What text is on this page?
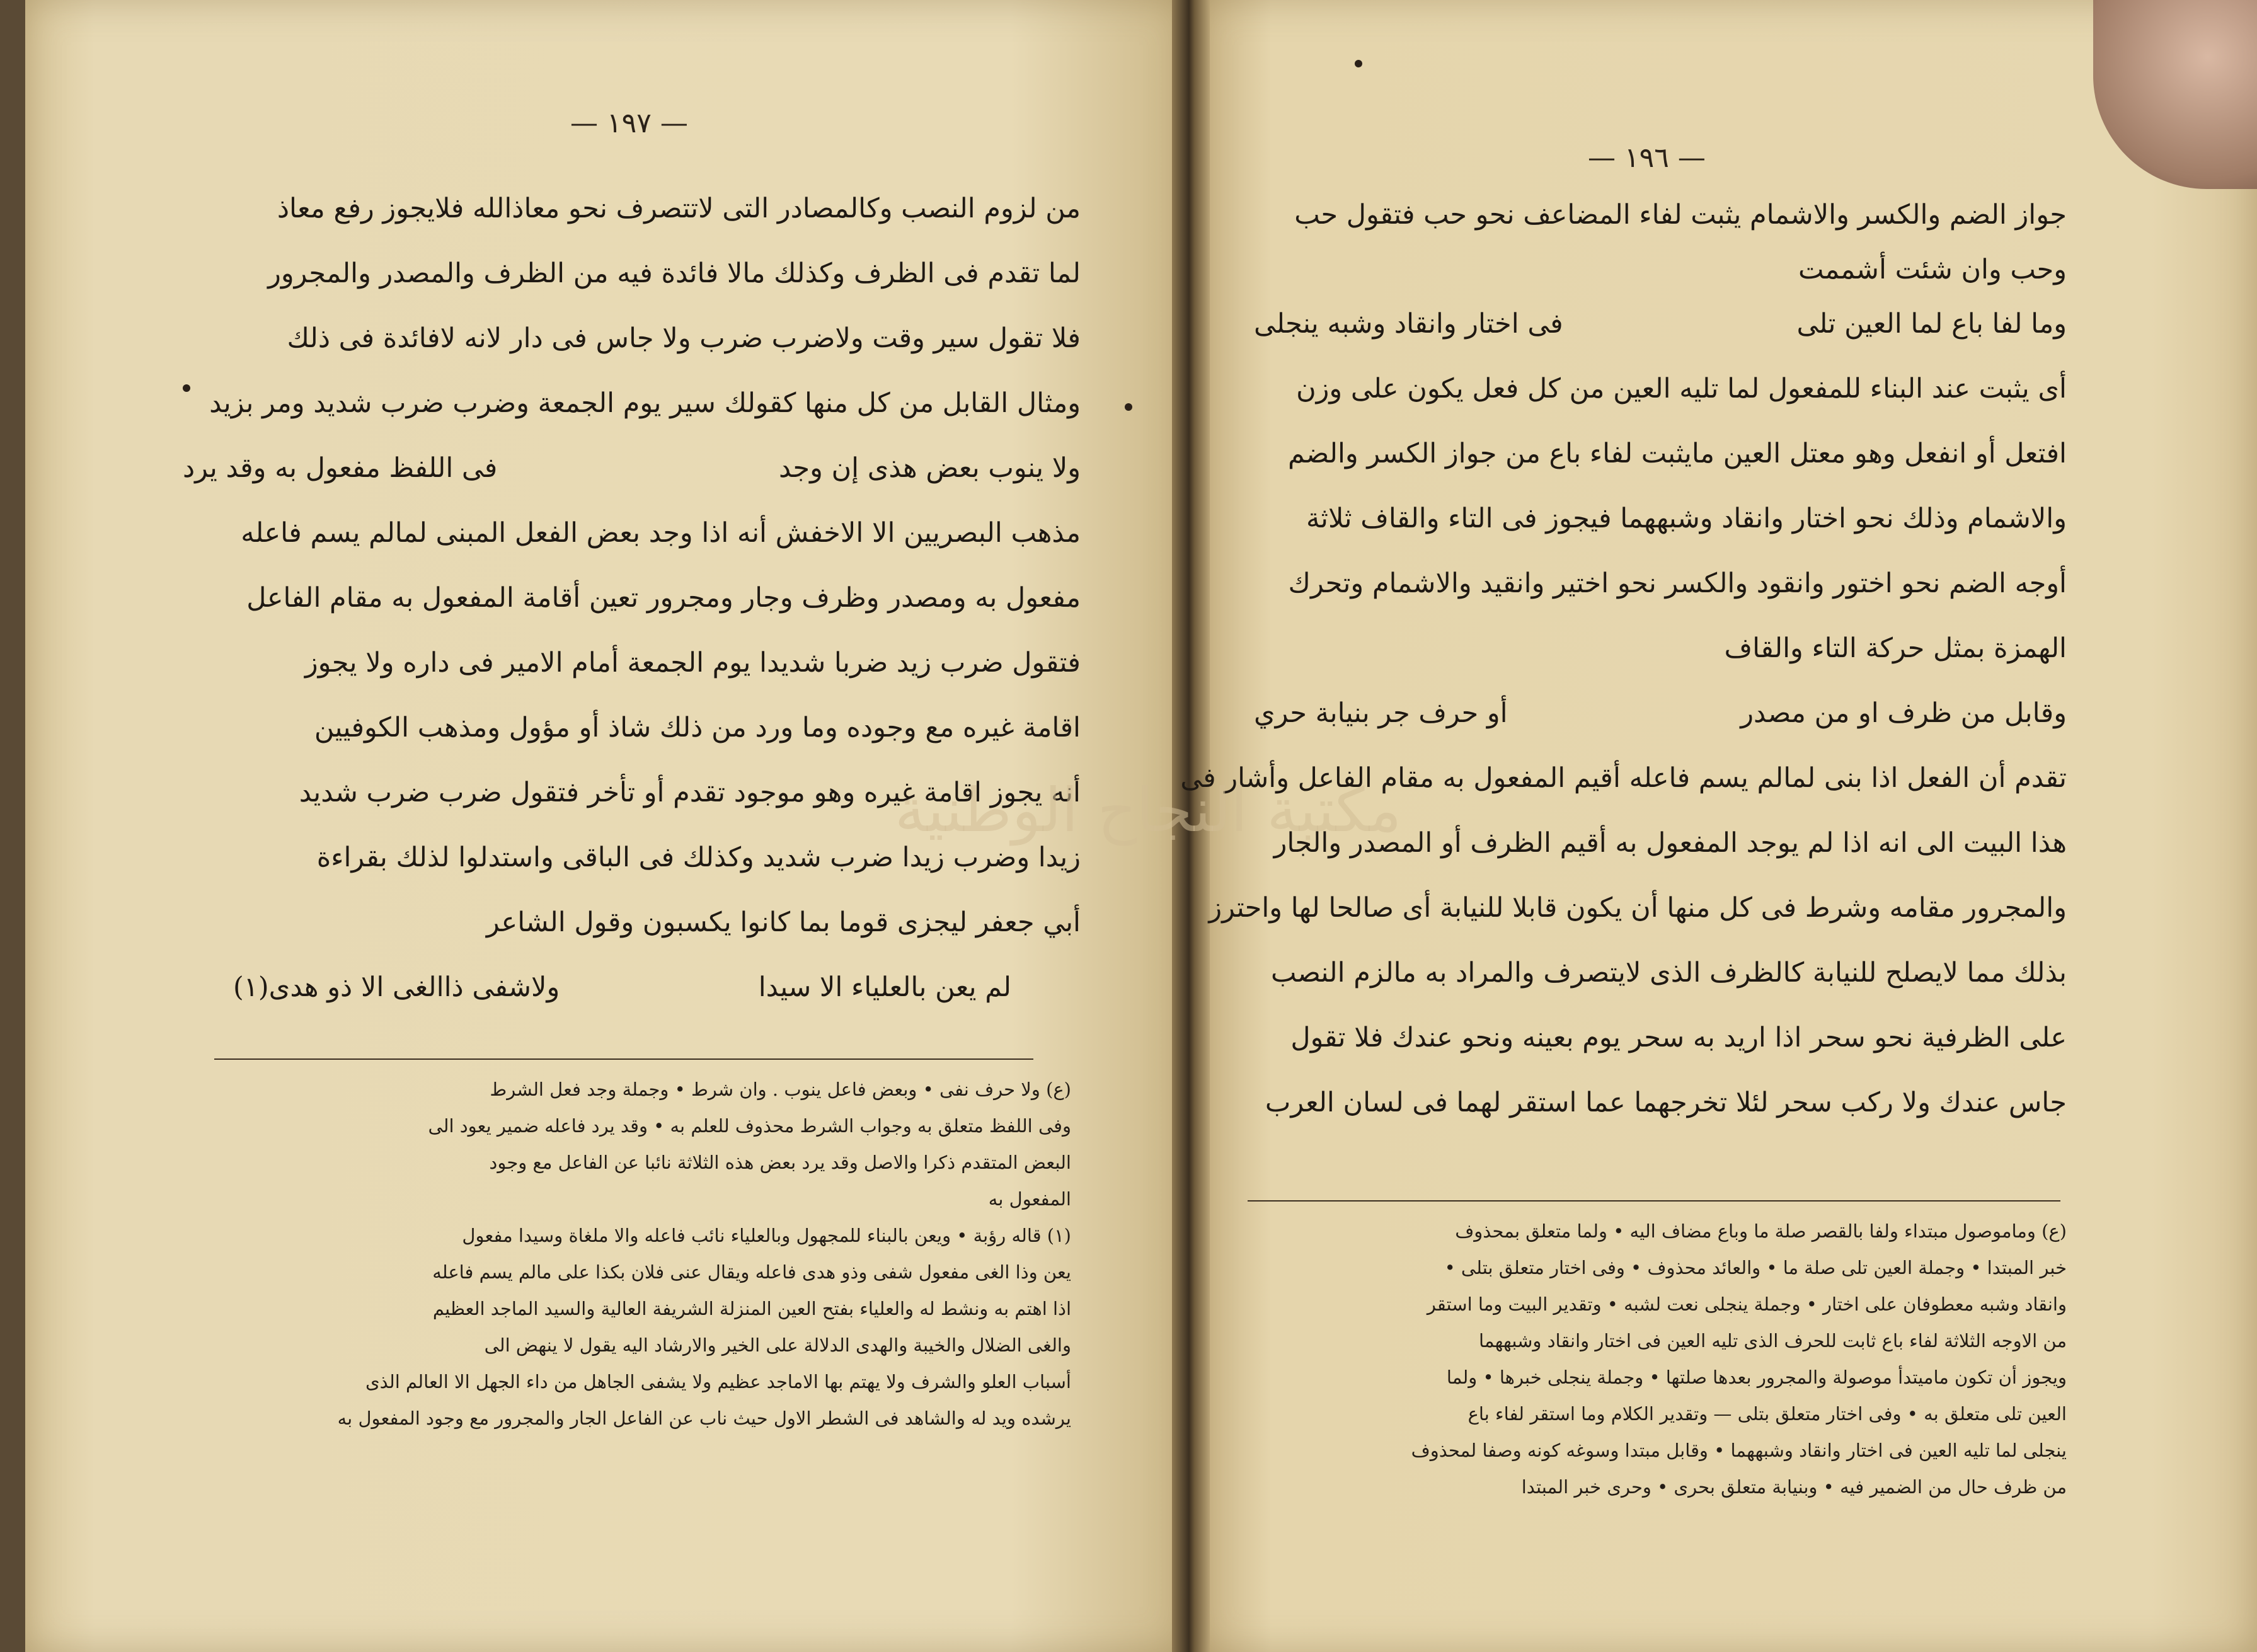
— ١٩٧ —
من لزوم النصب وكالمصادر التى لاتتصرف نحو معاذالله فلايجوز رفع معاذ
لما تقدم فى الظرف وكذلك مالا فائدة فيه من الظرف والمصدر والمجرور
فلا تقول سير وقت ولاضرب ضرب ولا جاس فى دار لانه لافائدة فى ذلك
ومثال القابل من كل منها كقولك سير يوم الجمعة وضرب ضرب شديد ومر بزيد
ولا ينوب بعض هذى إن وجد
فى اللفظ مفعول به وقد يرد
مذهب البصريين الا الاخفش أنه اذا وجد بعض الفعل المبنى لمالم يسم فاعله
مفعول به ومصدر وظرف وجار ومجرور تعين أقامة المفعول به مقام الفاعل
فتقول ضرب زيد ضربا شديدا يوم الجمعة أمام الامير فى داره ولا يجوز
اقامة غيره مع وجوده وما ورد من ذلك شاذ أو مؤول ومذهب الكوفيين
أنه يجوز اقامة غيره وهو موجود تقدم أو تأخر فتقول ضرب ضرب شديد
زيدا وضرب زيدا ضرب شديد وكذلك فى الباقى واستدلوا لذلك بقراءة
أبي جعفر ليجزى قوما بما كانوا يكسبون وقول الشاعر
لم يعن بالعلياء الا سيدا
ولاشفى ذاالغى الا ذو هدى(١)
(ع) ولا حرف نفى • وبعض فاعل ينوب . وان شرط • وجملة وجد فعل الشرط
وفى اللفظ متعلق به وجواب الشرط محذوف للعلم به • وقد يرد فاعله ضمير يعود الى
البعض المتقدم ذكرا والاصل وقد يرد بعض هذه الثلاثة نائبا عن الفاعل مع وجود
المفعول به
(١) قاله رؤبة • ويعن بالبناء للمجهول وبالعلياء نائب فاعله والا ملغاة وسيدا مفعول
يعن وذا الغى مفعول شفى وذو هدى فاعله ويقال عنى فلان بكذا على مالم يسم فاعله
اذا اهتم به ونشط له والعلياء بفتح العين المنزلة الشريفة العالية والسيد الماجد العظيم
والغى الضلال والخيبة والهدى الدلالة على الخير والارشاد اليه يقول لا ينهض الى
أسباب العلو والشرف ولا يهتم بها الاماجد عظيم ولا يشفى الجاهل من داء الجهل الا العالم الذى
يرشده ويد له والشاهد فى الشطر الاول حيث ناب عن الفاعل الجار والمجرور مع وجود المفعول به
— ١٩٦ —
جواز الضم والكسر والاشمام يثبت لفاء المضاعف نحو حب فتقول حب
وحب وان شئت أشممت
وما لفا باع لما العين تلى
فى اختار وانقاد وشبه ينجلى
أى يثبت عند البناء للمفعول لما تليه العين من كل فعل يكون على وزن
افتعل أو انفعل وهو معتل العين مايثبت لفاء باع من جواز الكسر والضم
والاشمام وذلك نحو اختار وانقاد وشبههما فيجوز فى التاء والقاف ثلاثة
أوجه الضم نحو اختور وانقود والكسر نحو اختير وانقيد والاشمام وتحرك
الهمزة بمثل حركة التاء والقاف
وقابل من ظرف او من مصدر
أو حرف جر بنيابة حري
تقدم أن الفعل اذا بنى لمالم يسم فاعله أقيم المفعول به مقام الفاعل وأشار فى
هذا البيت الى انه اذا لم يوجد المفعول به أقيم الظرف أو المصدر والجار
والمجرور مقامه وشرط فى كل منها أن يكون قابلا للنيابة أى صالحا لها واحترز
بذلك مما لايصلح للنيابة كالظرف الذى لايتصرف والمراد به مالزم النصب
على الظرفية نحو سحر اذا اريد به سحر يوم بعينه ونحو عندك فلا تقول
جاس عندك ولا ركب سحر لئلا تخرجهما عما استقر لهما فى لسان العرب
(ع) وماموصول مبتداء ولفا بالقصر صلة ما وباع مضاف اليه • ولما متعلق بمحذوف
خبر المبتدا • وجملة العين تلى صلة ما • والعائد محذوف • وفى اختار متعلق بتلى •
وانقاد وشبه معطوفان على اختار • وجملة ينجلى نعت لشبه • وتقدير البيت وما استقر
من الاوجه الثلاثة لفاء باع ثابت للحرف الذى تليه العين فى اختار وانقاد وشبههما
ويجوز أن تكون ماميتدأ موصولة والمجرور بعدها صلتها • وجملة ينجلى خبرها • ولما
العين تلى متعلق به • وفى اختار متعلق بتلى — وتقدير الكلام وما استقر لفاء باع
ينجلى لما تليه العين فى اختار وانقاد وشبههما • وقابل مبتدا وسوغه كونه وصفا لمحذوف
من ظرف حال من الضمير فيه • وبنيابة متعلق بحرى • وحرى خبر المبتدا
مكتبة النجاح الوطنية
